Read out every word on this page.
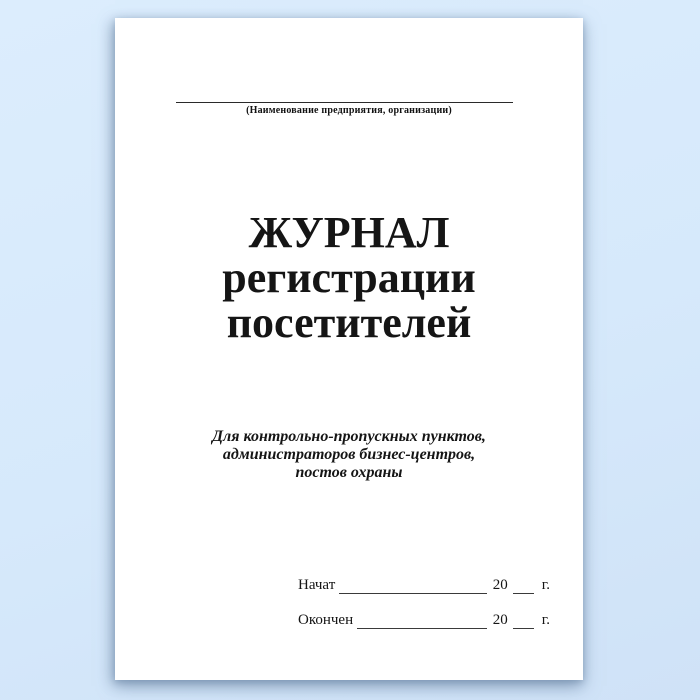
(Наименование предприятия, организации)
ЖУРНАЛ
регистрации
посетителей
Для контрольно-пропускных пунктов,
администраторов бизнес-центров,
постов охраны
Начат	20 г.
Окончен	20 г.
